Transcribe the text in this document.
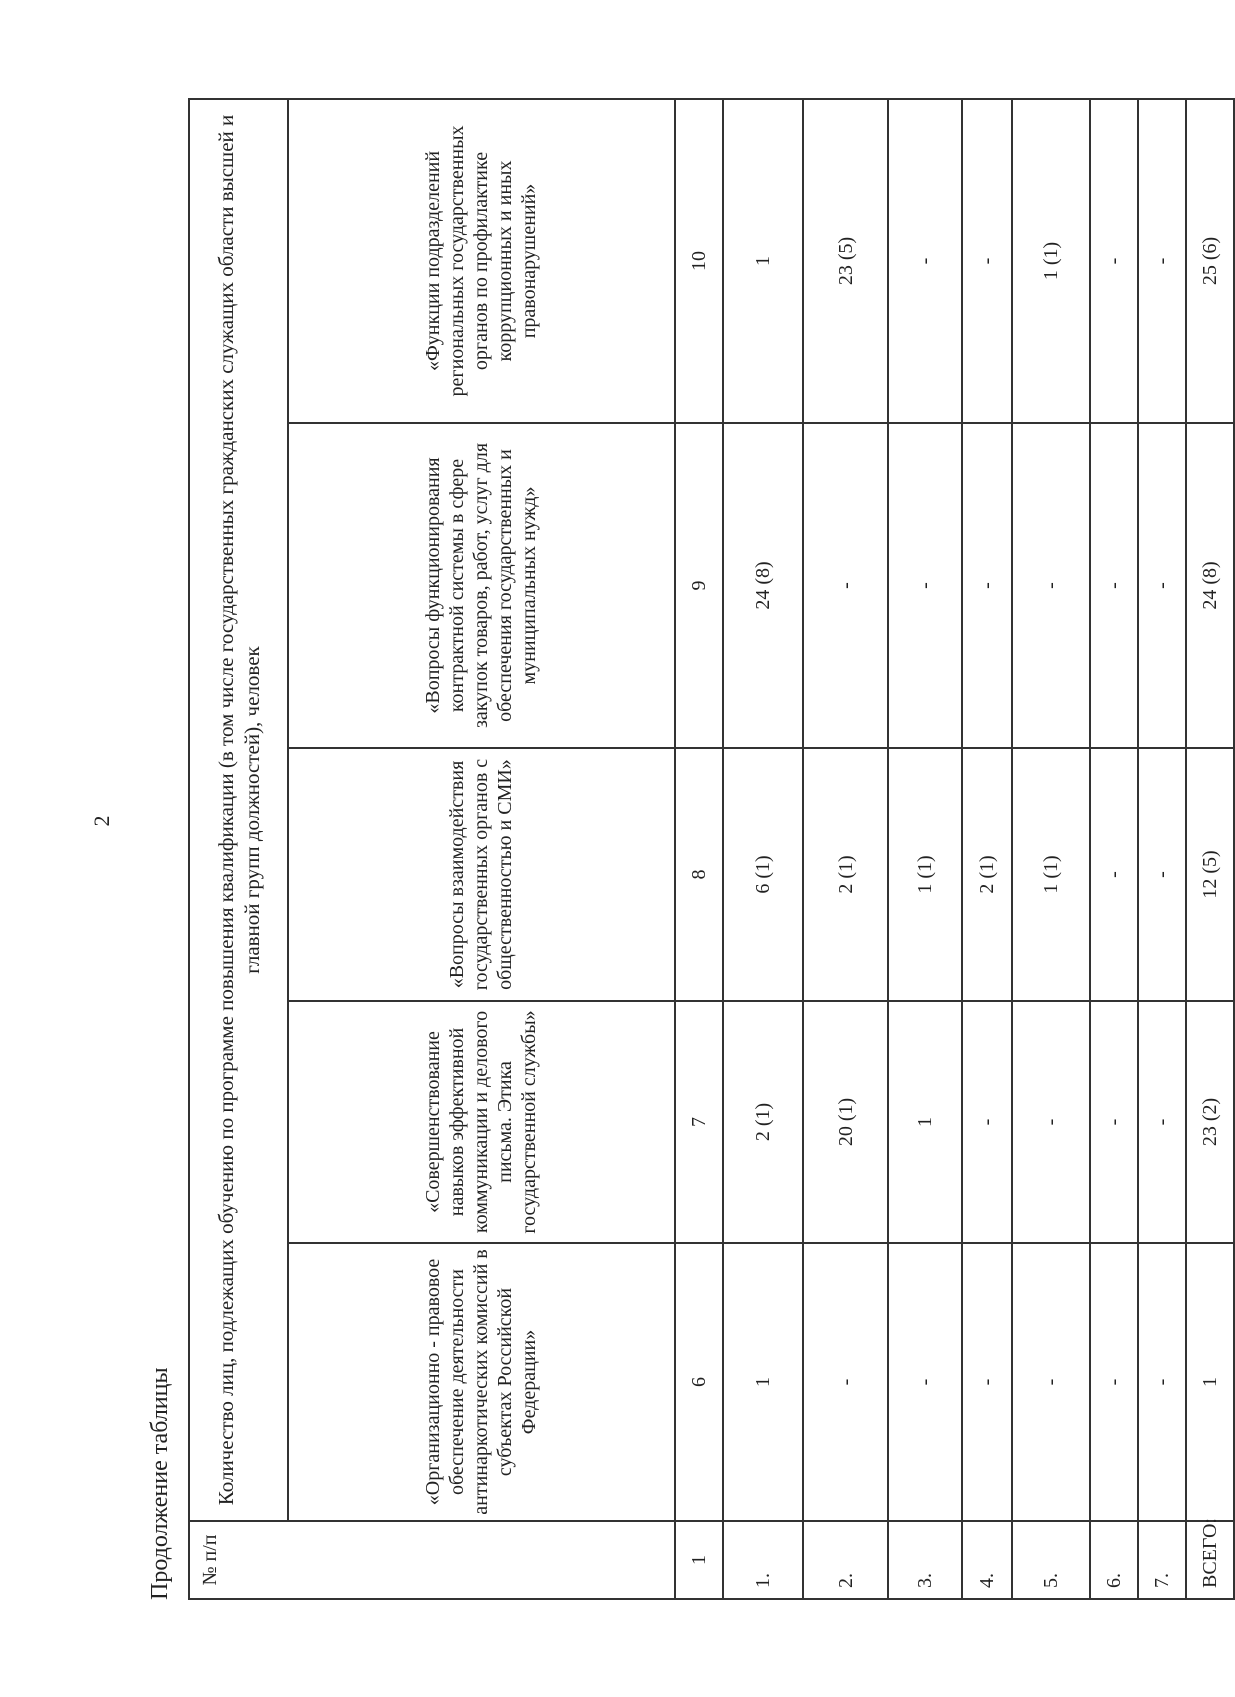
2
Продолжение таблицы № п/п	Количество лиц, подлежащих обучению по программе повышения квалификации (в том числе государственных гражданских служащих области высшей и главной групп должностей), человек				
	«Организационно - правовое обеспечение деятельности антинаркотических комиссий в субъектах Российской Федерации»	«Совершенствование навыков эффективной коммуникации и делового письма. Этика государственной службы»	«Вопросы взаимодействия государственных органов с общественностью и СМИ»	«Вопросы функционирования контрактной системы в сфере закупок товаров, работ, услуг для обеспечения государственных и муниципальных нужд»	«Функции подразделений региональных государственных органов по профилактике коррупционных и иных правонарушений»
1	6	7	8	9	10
1.	1	2 (1)	6 (1)	24 (8)	1
2.	-	20 (1)	2 (1)	-	23 (5)
3.	-	1	1 (1)	-	-
4.	-	-	2 (1)	-	-
5.	-	-	1 (1)	-	1 (1)
6.	-	-	-	-	-
7.	-	-	-	-	-
ВСЕГО:	1	23 (2)	12 (5)	24 (8)	25 (6)
